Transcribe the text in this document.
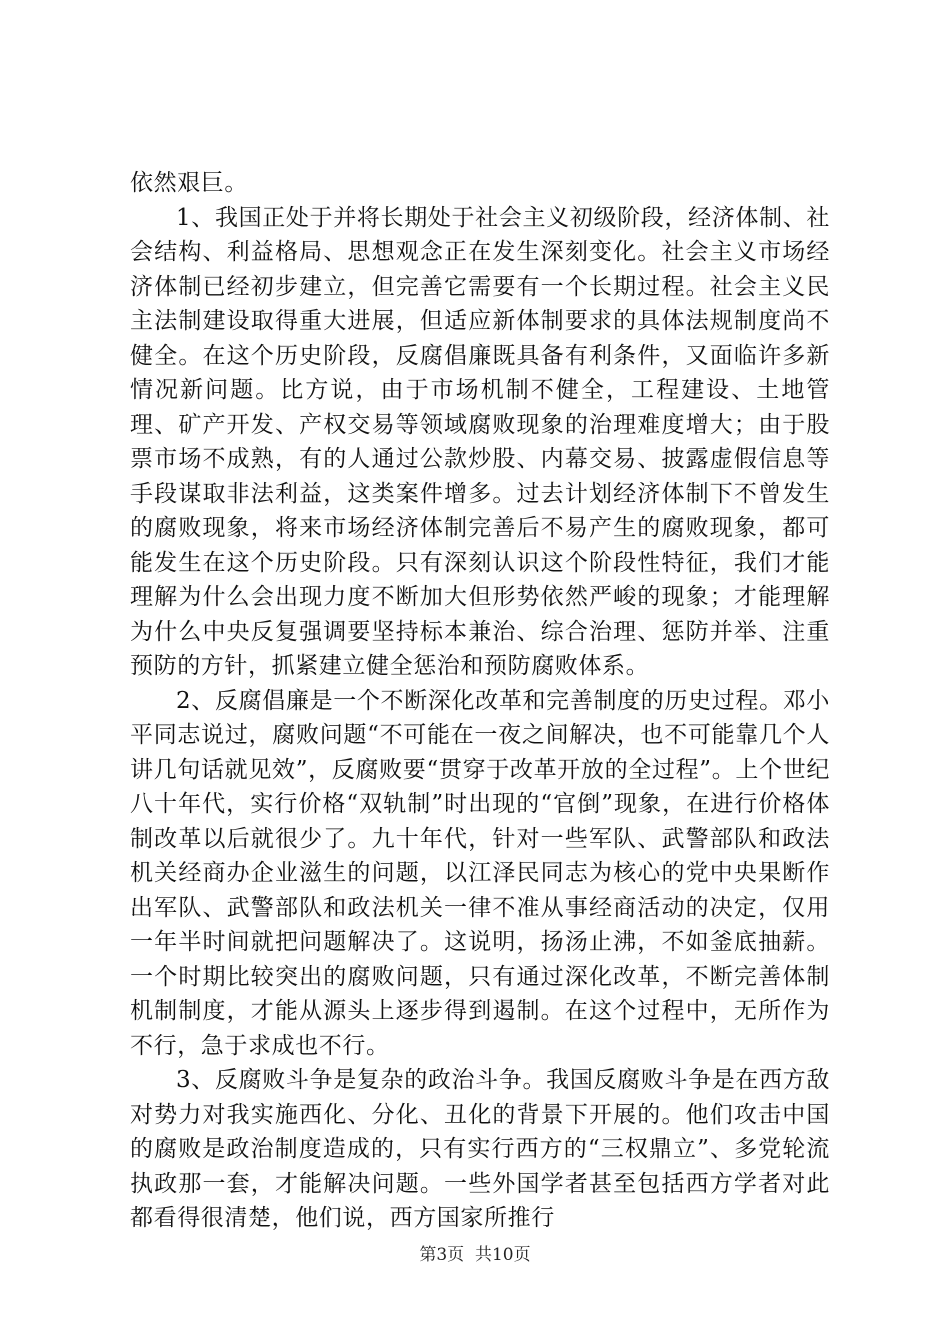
依然艰巨。

1、我国正处于并将长期处于社会主义初级阶段，经济体制、社会结构、利益格局、思想观念正在发生深刻变化。社会主义市场经济体制已经初步建立，但完善它需要有一个长期过程。社会主义民主法制建设取得重大进展，但适应新体制要求的具体法规制度尚不健全。在这个历史阶段，反腐倡廉既具备有利条件，又面临许多新情况新问题。比方说，由于市场机制不健全，工程建设、土地管理、矿产开发、产权交易等领域腐败现象的治理难度增大；由于股票市场不成熟，有的人通过公款炒股、内幕交易、披露虚假信息等手段谋取非法利益，这类案件增多。过去计划经济体制下不曾发生的腐败现象，将来市场经济体制完善后不易产生的腐败现象，都可能发生在这个历史阶段。只有深刻认识这个阶段性特征，我们才能理解为什么会出现力度不断加大但形势依然严峻的现象；才能理解为什么中央反复强调要坚持标本兼治、综合治理、惩防并举、注重预防的方针，抓紧建立健全惩治和预防腐败体系。

2、反腐倡廉是一个不断深化改革和完善制度的历史过程。邓小平同志说过，腐败问题“不可能在一夜之间解决，也不可能靠几个人讲几句话就见效”，反腐败要“贯穿于改革开放的全过程”。上个世纪八十年代，实行价格“双轨制”时出现的“官倒”现象，在进行价格体制改革以后就很少了。九十年代，针对一些军队、武警部队和政法机关经商办企业滋生的问题，以江泽民同志为核心的党中央果断作出军队、武警部队和政法机关一律不准从事经商活动的决定，仅用一年半时间就把问题解决了。这说明，扬汤止沸，不如釜底抽薪。一个时期比较突出的腐败问题，只有通过深化改革，不断完善体制机制制度，才能从源头上逐步得到遏制。在这个过程中，无所作为不行，急于求成也不行。

3、反腐败斗争是复杂的政治斗争。我国反腐败斗争是在西方敌对势力对我实施西化、分化、丑化的背景下开展的。他们攻击中国的腐败是政治制度造成的，只有实行西方的“三权鼎立”、多党轮流执政那一套，才能解决问题。一些外国学者甚至包括西方学者对此都看得很清楚，他们说，西方国家所推行

第3页  共10页
